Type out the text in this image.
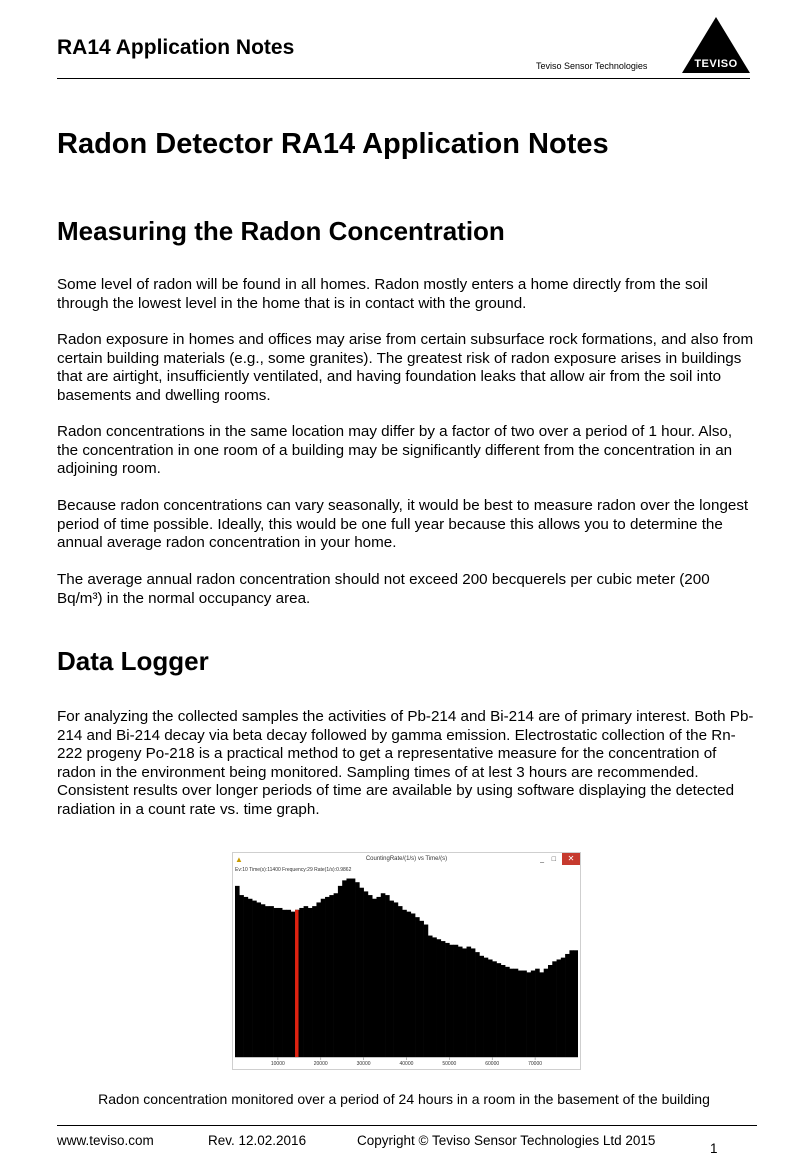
RA14 Application Notes
TEVISO
Teviso Sensor Technologies
Radon Detector RA14 Application Notes
Measuring the Radon Concentration

Some level of radon will be found in all homes. Radon mostly enters a home directly from the soil through the lowest level in the home that is in contact with the ground.

Radon exposure in homes and offices may arise from certain subsurface rock formations, and also from certain building materials (e.g., some granites). The greatest risk of radon exposure arises in buildings that are airtight, insufficiently ventilated, and having foundation leaks that allow air from the soil into basements and dwelling rooms.

Radon concentrations in the same location may differ by a factor of two over a period of 1 hour. Also, the concentration in one room of a building may be significantly different from the concentration in an adjoining room.

Because radon concentrations can vary seasonally, it would be best to measure radon over the longest period of time possible. Ideally, this would be one full year because this allows you to determine the annual average radon concentration in your home.

The average annual radon concentration should not exceed 200 becquerels per cubic meter (200 Bq/m³) in the normal occupancy area.

Data Logger

For analyzing the collected samples the activities of Pb-214 and Bi-214 are of primary interest. Both Pb-214 and Bi-214 decay via beta decay followed by gamma emission. Electrostatic collection of the Rn-222 progeny Po-218 is a practical method to get a representative measure for the concentration of radon in the environment being monitored. Sampling times of at lest 3 hours are recommended. Consistent results over longer periods of time are available by using software displaying the detected radiation in a count rate vs. time graph.

▲	CountingRate/(1/s) vs Time/(s)	_ □	✕
Ev:10 Time(s):11400 Frequency:29 Rate(1/s):0.9862
10000	20000	30000	40000	50000	60000	70000
Radon concentration monitored over a period of 24 hours in a room in the basement of the building
www.teviso.com	Rev. 12.02.2016	Copyright © Teviso Sensor Technologies Ltd 2015
1
